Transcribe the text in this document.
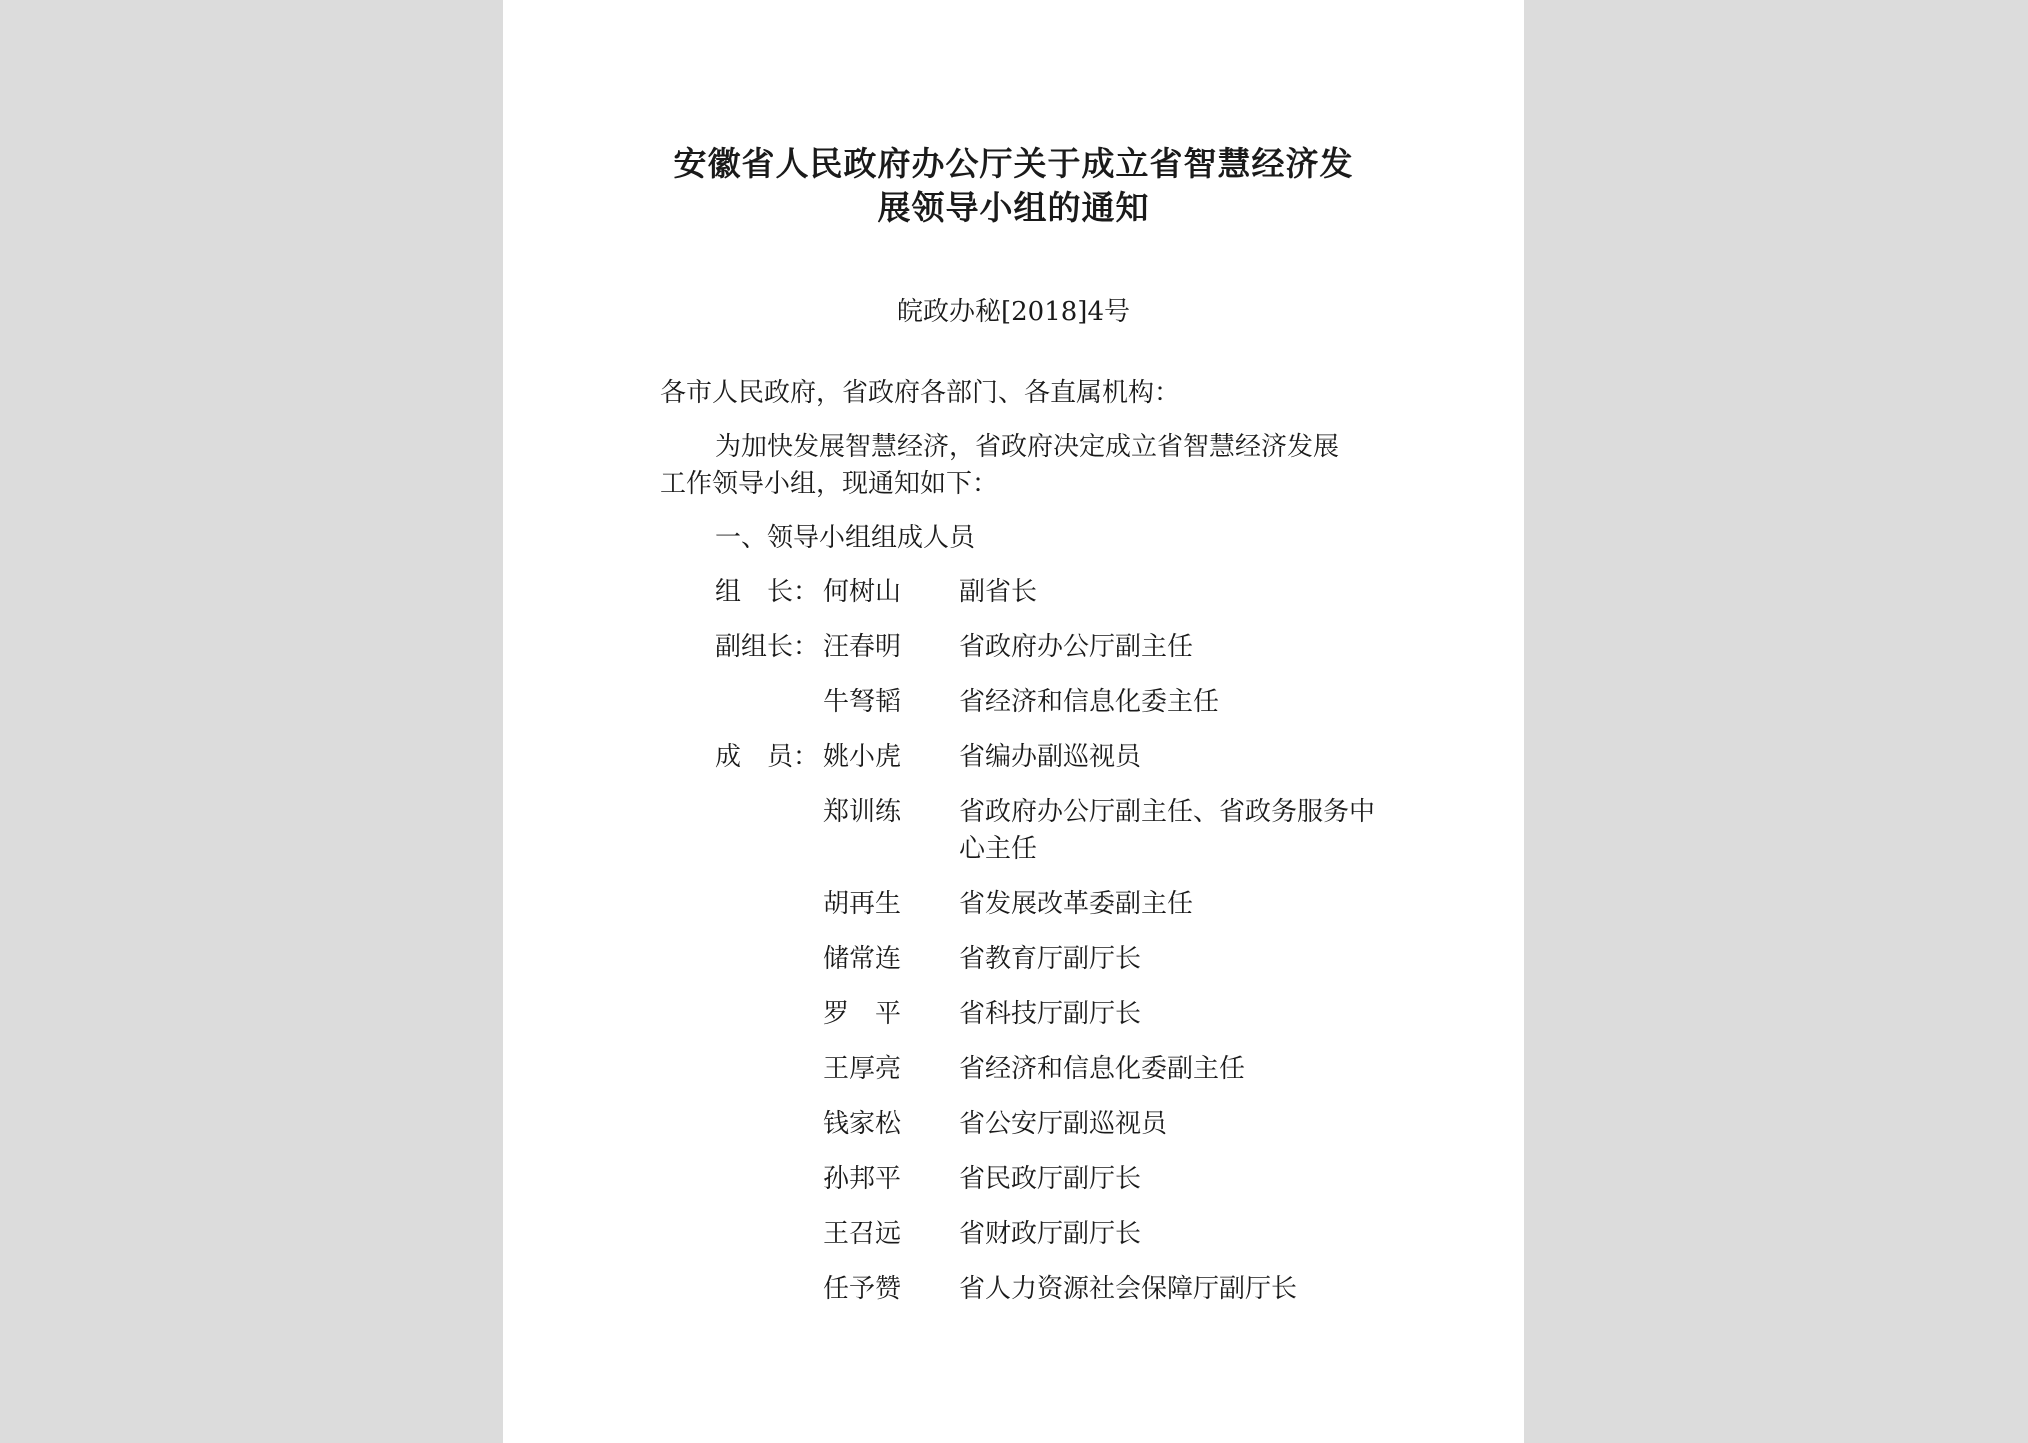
安徽省人民政府办公厅关于成立省智慧经济发
展领导小组的通知
皖政办秘[2018]4号

各市人民政府，省政府各部门、各直属机构：

为加快发展智慧经济，省政府决定成立省智慧经济发展

工作领导小组，现通知如下：

一、领导小组组成人员

组　长： 何树山 副省长
副组长： 汪春明 省政府办公厅副主任
牛弩韬 省经济和信息化委主任
成　员： 姚小虎 省编办副巡视员
郑训练 省政府办公厅副主任、省政务服务中心主任
胡再生 省发展改革委副主任
储常连 省教育厅副厅长
罗　平 省科技厅副厅长
王厚亮 省经济和信息化委副主任
钱家松 省公安厅副巡视员
孙邦平 省民政厅副厅长
王召远 省财政厅副厅长
任予赞 省人力资源社会保障厅副厅长
